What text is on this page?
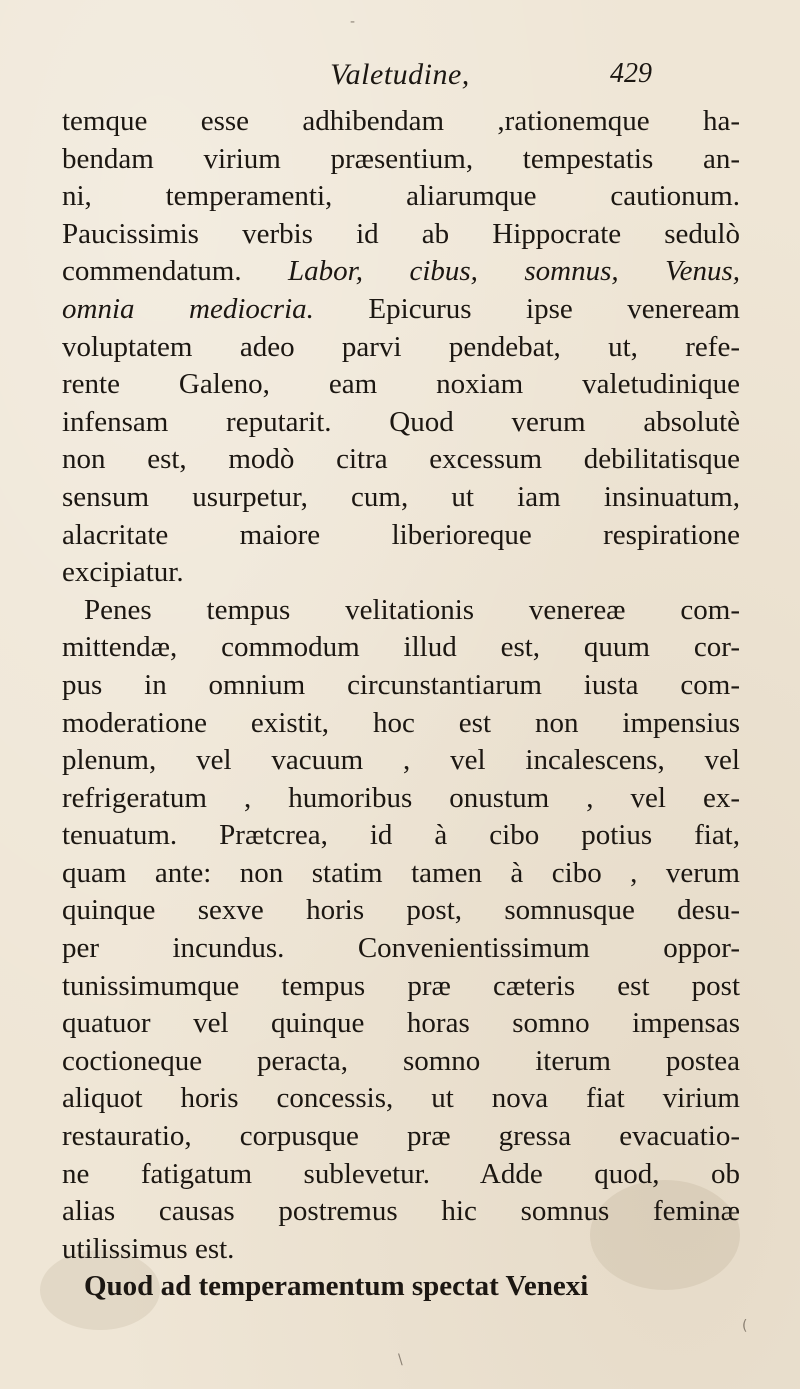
\
(
-
Valetudine,	429
temque esse adhibendam ,rationemque ha-
bendam virium præsentium, tempestatis an-
ni, temperamenti, aliarumque cautionum.
Paucissimis verbis id ab Hippocrate sedulò
commendatum. Labor, cibus, somnus, Venus,
omnia mediocria. Epicurus ipse veneream
voluptatem adeo parvi pendebat, ut, refe-
rente Galeno, eam noxiam valetudinique
infensam reputarit. Quod verum absolutè
non est, modò citra excessum debilitatisque
sensum usurpetur, cum, ut iam insinuatum,
alacritate maiore liberioreque respiratione
excipiatur.
Penes tempus velitationis venereæ com-
mittendæ, commodum illud est, quum cor-
pus in omnium circunstantiarum iusta com-
moderatione existit, hoc est non impensius
plenum, vel vacuum , vel incalescens, vel
refrigeratum , humoribus onustum , vel ex-
tenuatum. Prætcrea, id à cibo potius fiat,
quam ante: non statim tamen à cibo , verum
quinque sexve horis post, somnusque desu-
per incundus. Convenientissimum oppor-
tunissimumque tempus præ cæteris est post
quatuor vel quinque horas somno impensas
coctioneque peracta, somno iterum postea
aliquot horis concessis, ut nova fiat virium
restauratio, corpusque præ gressa evacuatio-
ne fatigatum sublevetur. Adde quod, ob
alias causas postremus hic somnus feminæ
utilissimus est.
Quod ad temperamentum spectat Venexi
